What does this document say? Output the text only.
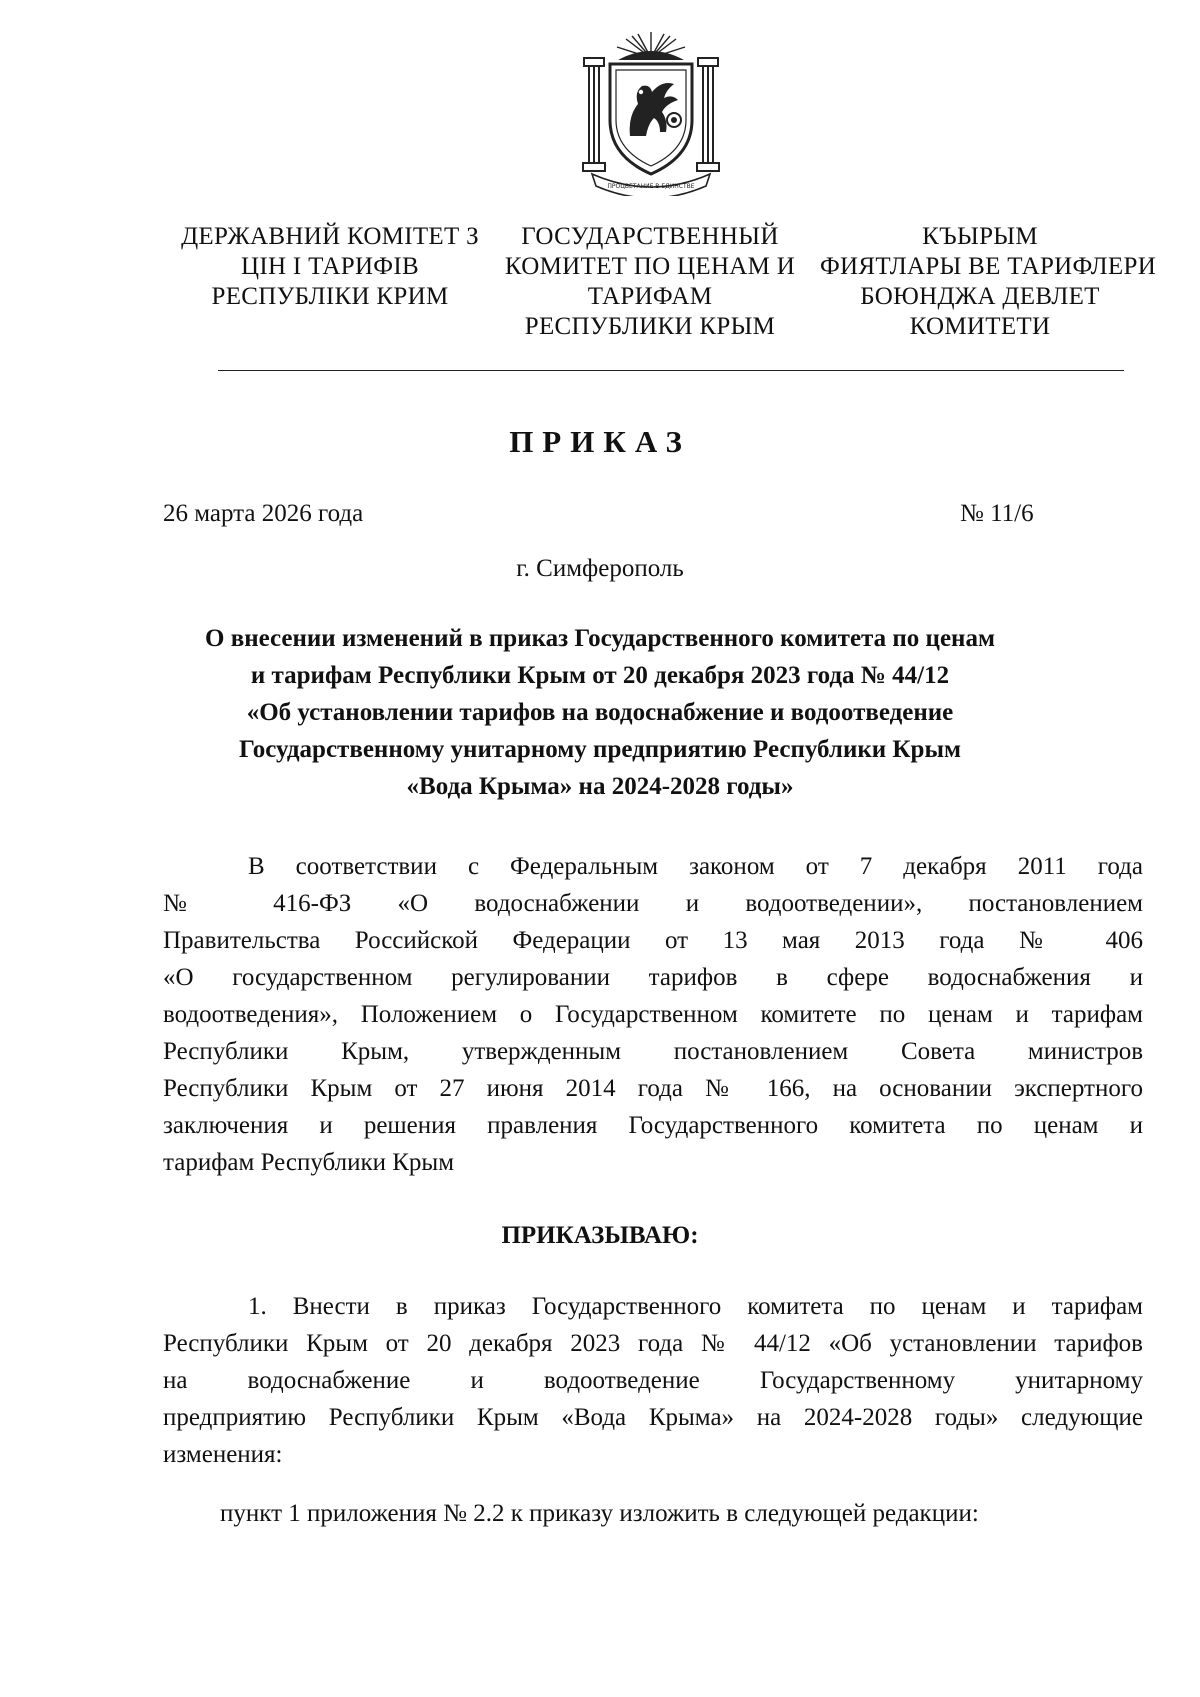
ПРОЦВЕТАНИЕ В ЕДИНСТВЕ
ДЕРЖАВНИЙ КОМІТЕТ З
ЦІН І ТАРИФІВ
РЕСПУБЛІКИ КРИМ
ГОСУДАРСТВЕННЫЙ
КОМИТЕТ ПО ЦЕНАМ И
ТАРИФАМ
РЕСПУБЛИКИ КРЫМ
КЪЫРЫМ
ФИЯТЛАРЫ ВЕ ТАРИФЛЕРИ
БОЮНДЖА ДЕВЛЕТ
КОМИТЕТИ
ПРИКАЗ
26 марта 2026 года	№ 11/6
г. Симферополь
О внесении изменений в приказ Государственного комитета по ценам
и тарифам Республики Крым от 20 декабря 2023 года № 44/12
«Об установлении тарифов на водоснабжение и водоотведение
Государственному унитарному предприятию Республики Крым
«Вода Крыма» на 2024-2028 годы»
В соответствии с Федеральным законом от 7 декабря 2011 года
№ 416-ФЗ «О водоснабжении и водоотведении», постановлением
Правительства Российской Федерации от 13 мая 2013 года № 406
«О государственном регулировании тарифов в сфере водоснабжения и
водоотведения», Положением о Государственном комитете по ценам и тарифам
Республики Крым, утвержденным постановлением Совета министров
Республики Крым от 27 июня 2014 года № 166, на основании экспертного
заключения и решения правления Государственного комитета по ценам и
тарифам Республики Крым
ПРИКАЗЫВАЮ:
1. Внести в приказ Государственного комитета по ценам и тарифам
Республики Крым от 20 декабря 2023 года № 44/12 «Об установлении тарифов
на водоснабжение и водоотведение Государственному унитарному
предприятию Республики Крым «Вода Крыма» на 2024-2028 годы» следующие
изменения:
пункт 1 приложения № 2.2 к приказу изложить в следующей редакции:
